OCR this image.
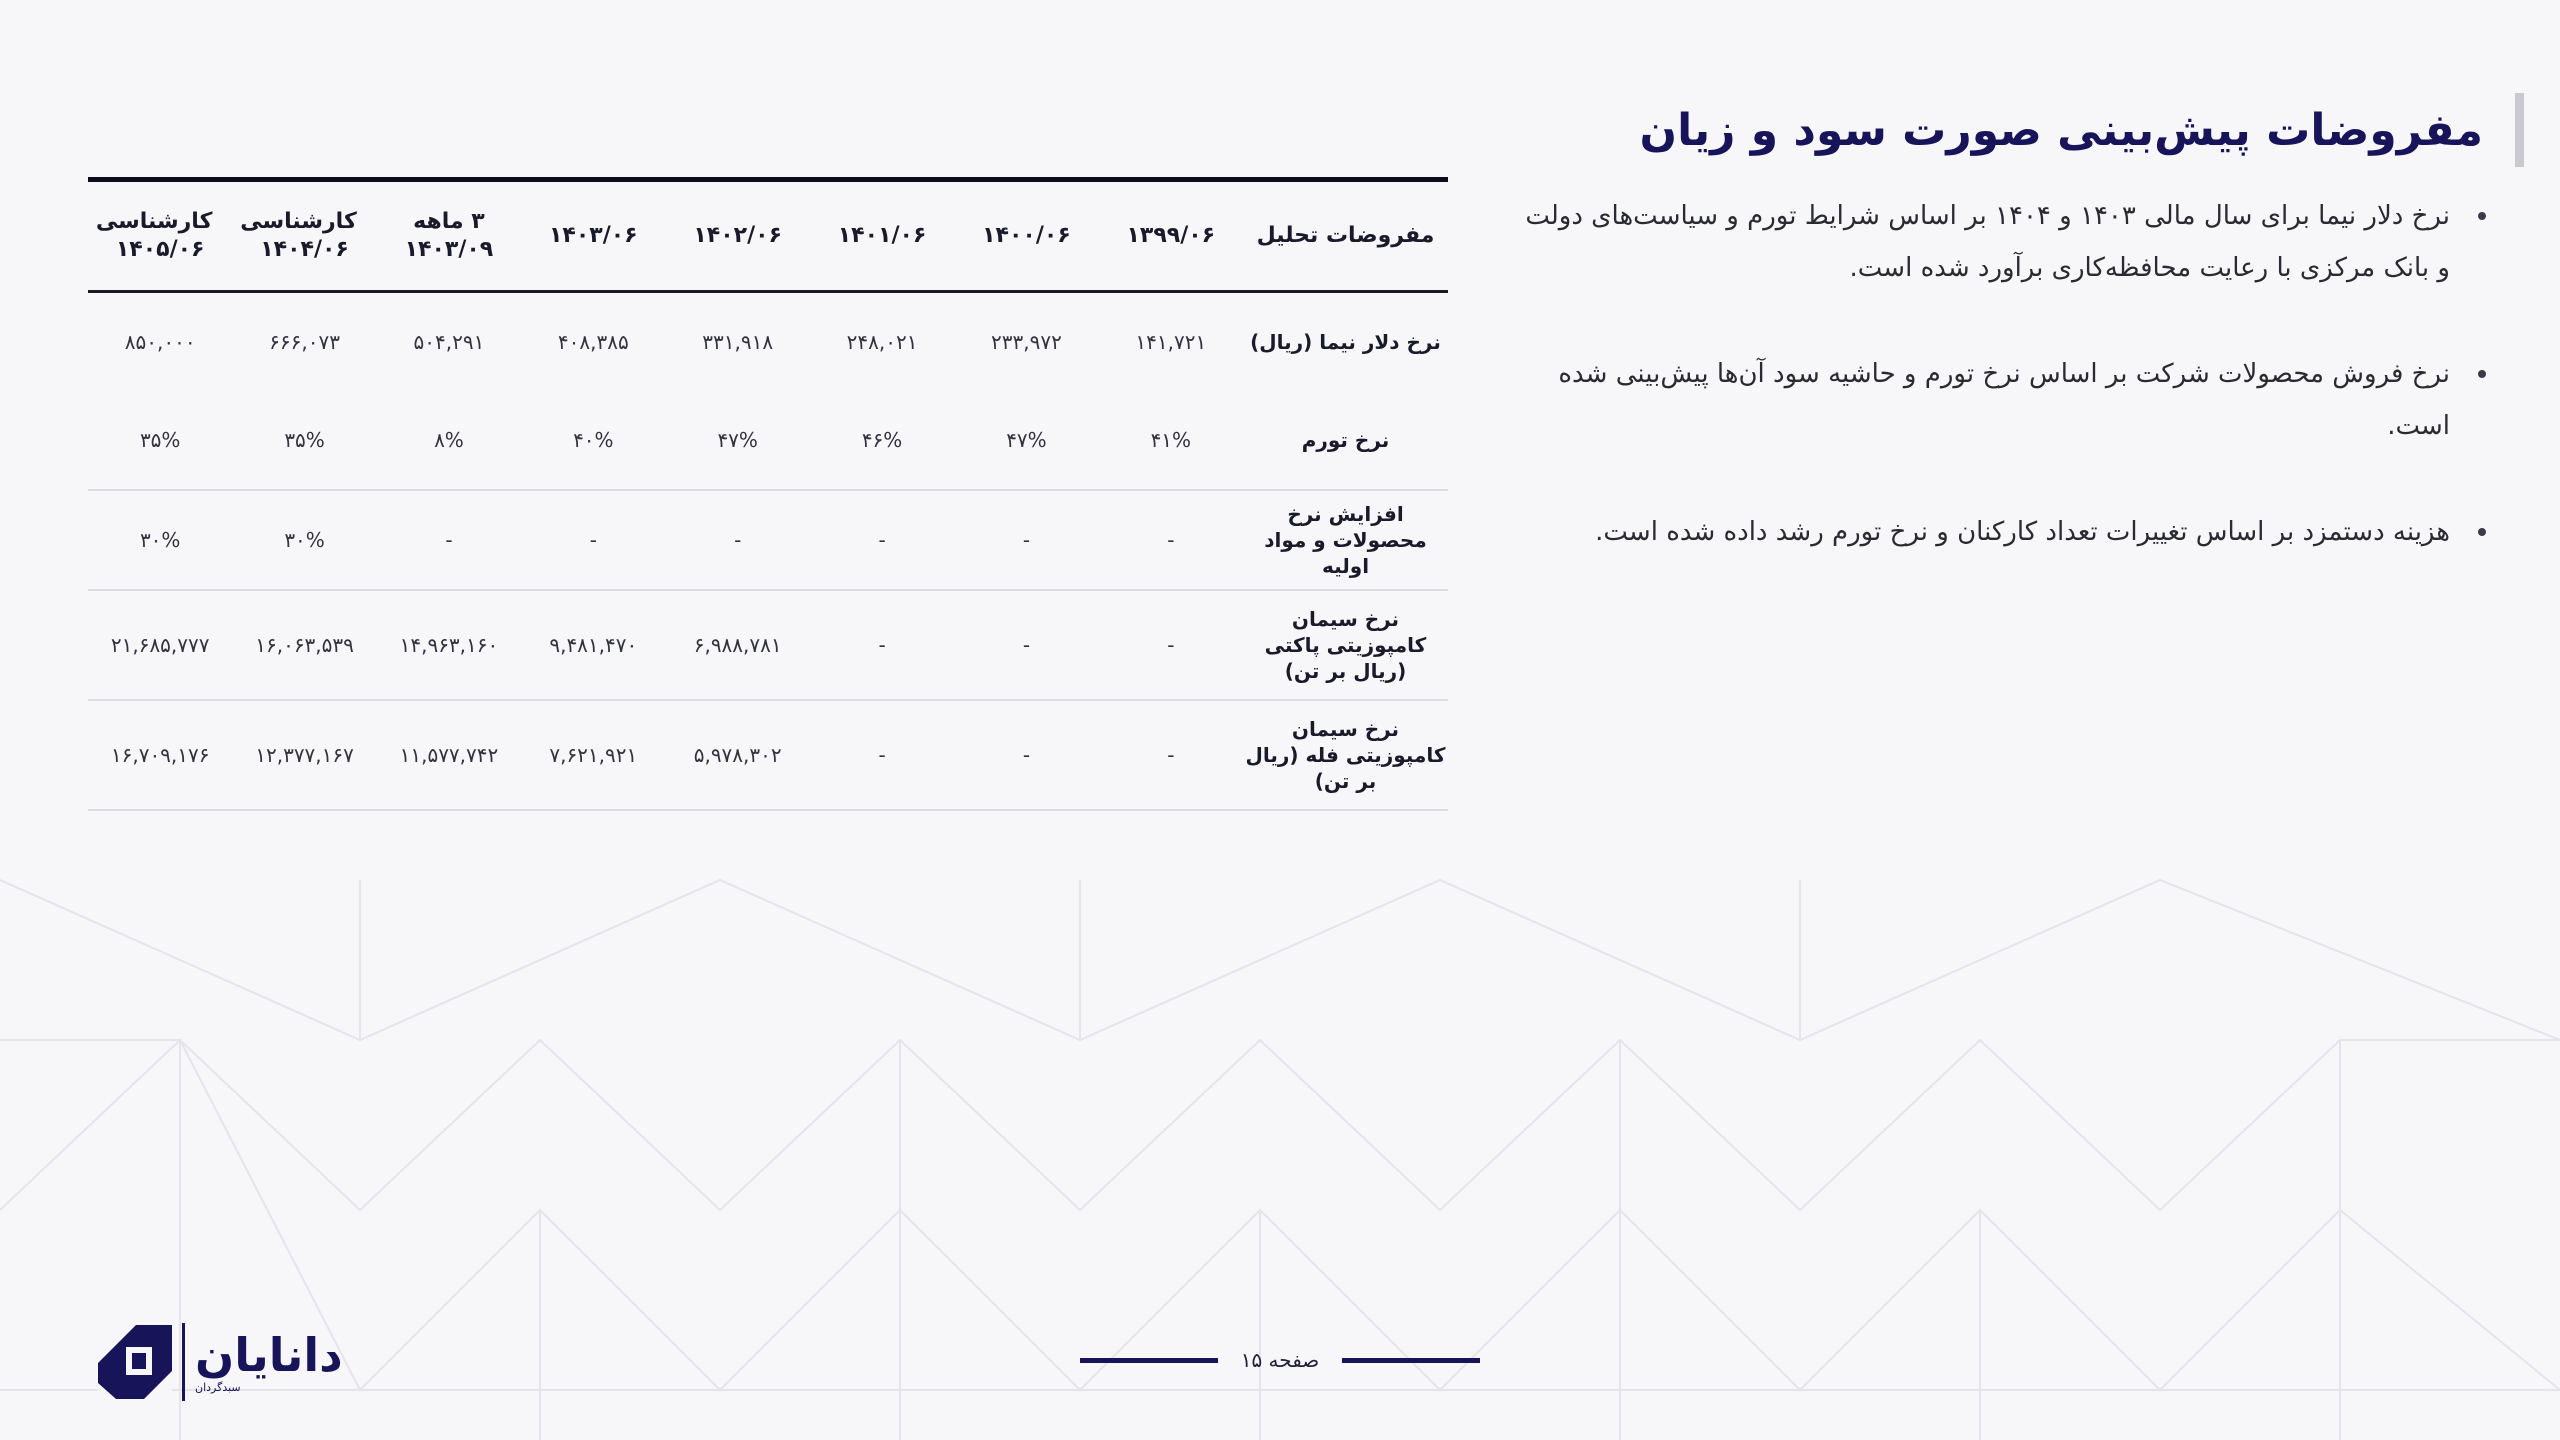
مفروضات پیش‌بینی صورت سود و زیان
نرخ دلار نیما برای سال مالی ۱۴۰۳ و ۱۴۰۴ بر اساس شرایط تورم و سیاست‌های دولت و بانک مرکزی با رعایت محافظه‌کاری برآورد شده است.
نرخ فروش محصولات شرکت بر اساس نرخ تورم و حاشیه سود آن‌ها پیش‌بینی شده است.
هزینه دستمزد بر اساس تغییرات تعداد کارکنان و نرخ تورم رشد داده شده است.
مفروضات تحلیل	۱۳۹۹/۰۶	۱۴۰۰/۰۶	۱۴۰۱/۰۶	۱۴۰۲/۰۶	۱۴۰۳/۰۶	۳ ماهه ۱۴۰۳/۰۹	کارشناسی ۱۴۰۴/۰۶	کارشناسی ۱۴۰۵/۰۶
نرخ دلار نیما (ریال)	۱۴۱,۷۲۱	۲۳۳,۹۷۲	۲۴۸,۰۲۱	۳۳۱,۹۱۸	۴۰۸,۳۸۵	۵۰۴,۲۹۱	۶۶۶,۰۷۳	۸۵۰,۰۰۰
نرخ تورم	۴۱%	۴۷%	۴۶%	۴۷%	۴۰%	۸%	۳۵%	۳۵%
افزایش نرخ محصولات و مواد اولیه	-	-	-	-	-	-	۳۰%	۳۰%
نرخ سیمان کامپوزیتی پاکتی (ریال بر تن)	-	-	-	۶,۹۸۸,۷۸۱	۹,۴۸۱,۴۷۰	۱۴,۹۶۳,۱۶۰	۱۶,۰۶۳,۵۳۹	۲۱,۶۸۵,۷۷۷
نرخ سیمان کامپوزیتی فله (ریال بر تن)	-	-	-	۵,۹۷۸,۳۰۲	۷,۶۲۱,۹۲۱	۱۱,۵۷۷,۷۴۲	۱۲,۳۷۷,۱۶۷	۱۶,۷۰۹,۱۷۶
صفحه ۱۵
دانایان
سبدگردان
